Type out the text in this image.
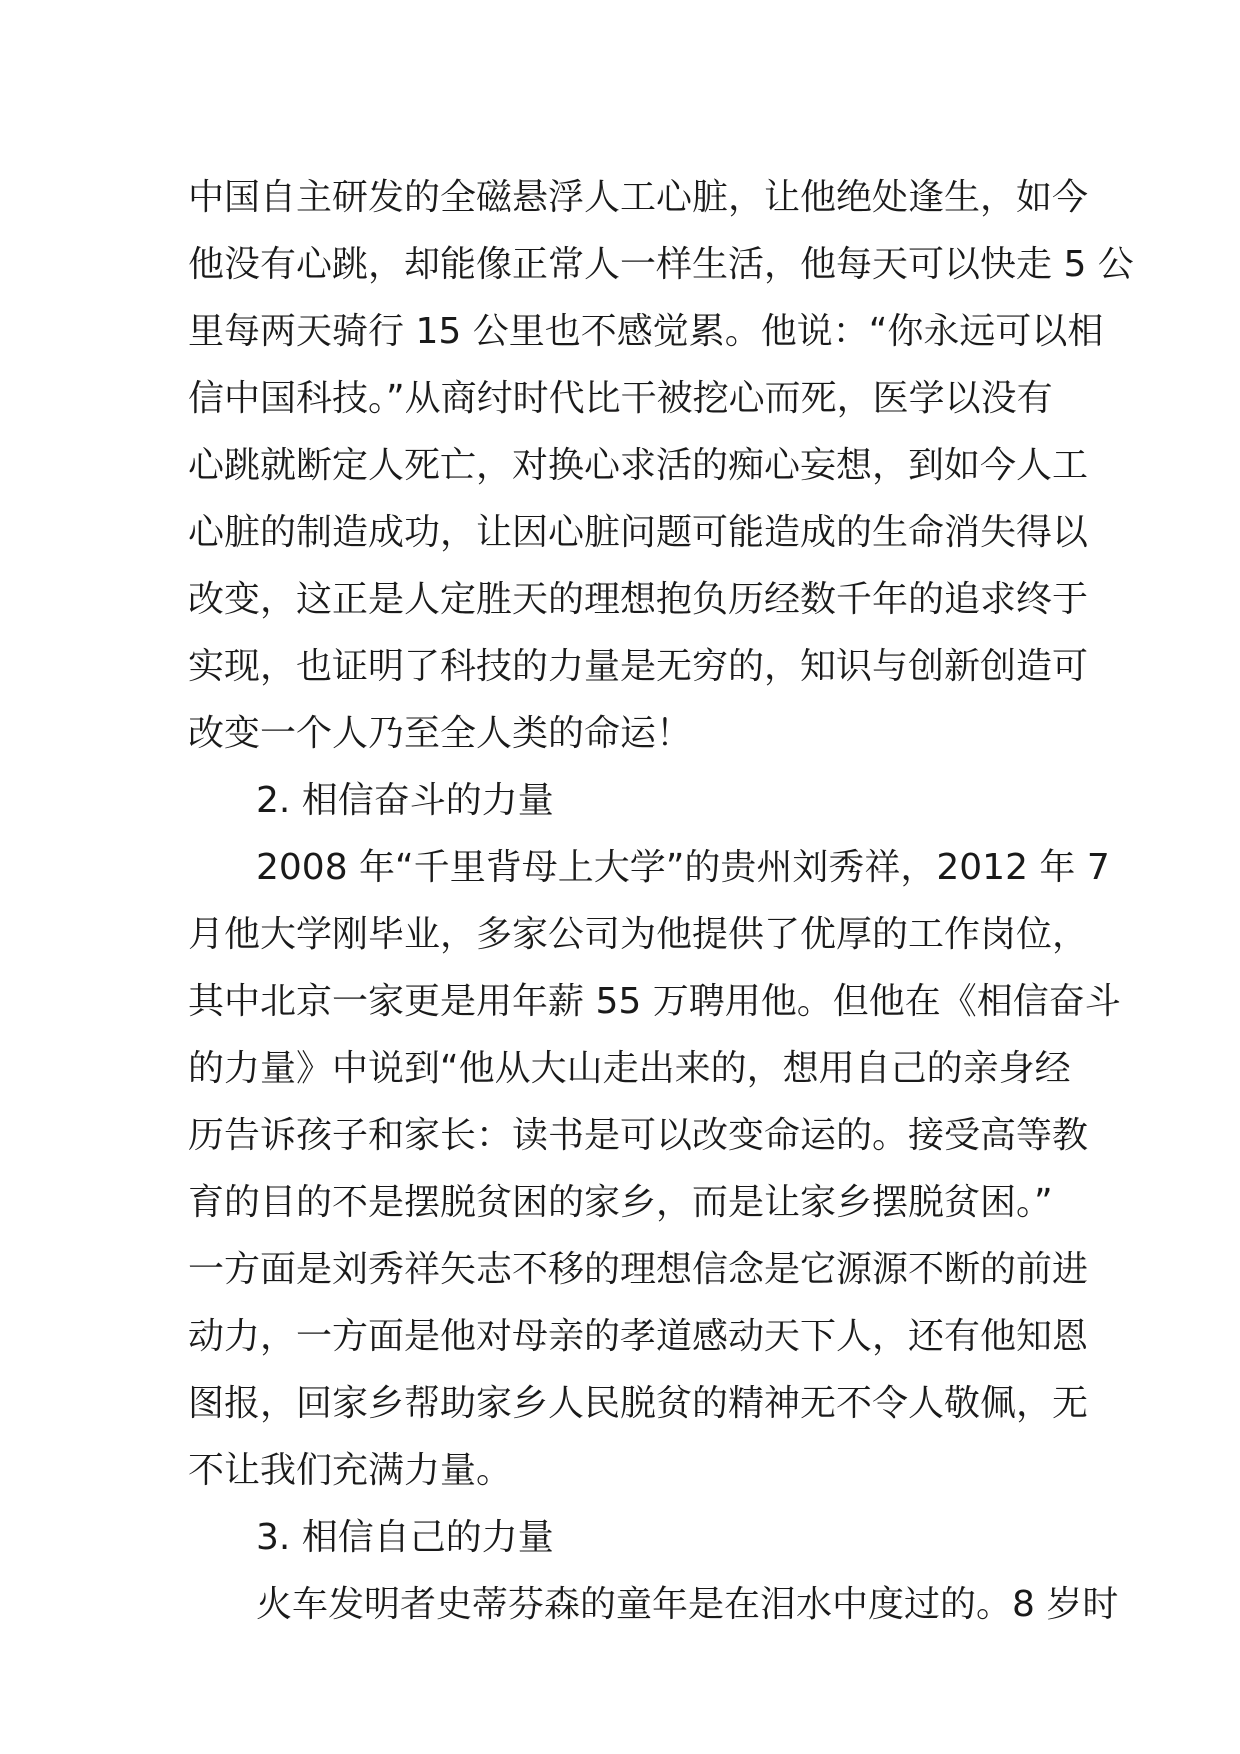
中国自主研发的全磁悬浮人工心脏，让他绝处逢生，如今
他没有心跳，却能像正常人一样生活，他每天可以快走 5 公
里每两天骑行 15 公里也不感觉累。他说：“你永远可以相
信中国科技。”从商纣时代比干被挖心而死，医学以没有
心跳就断定人死亡，对换心求活的痴心妄想，到如今人工
心脏的制造成功，让因心脏问题可能造成的生命消失得以
改变，这正是人定胜天的理想抱负历经数千年的追求终于
实现，也证明了科技的力量是无穷的，知识与创新创造可
改变一个人乃至全人类的命运！
2. 相信奋斗的力量
2008 年“千里背母上大学”的贵州刘秀祥，2012 年 7
月他大学刚毕业，多家公司为他提供了优厚的工作岗位，
其中北京一家更是用年薪 55 万聘用他。但他在《相信奋斗
的力量》中说到“他从大山走出来的，想用自己的亲身经
历告诉孩子和家长：读书是可以改变命运的。接受高等教
育的目的不是摆脱贫困的家乡，而是让家乡摆脱贫困。”
一方面是刘秀祥矢志不移的理想信念是它源源不断的前进
动力，一方面是他对母亲的孝道感动天下人，还有他知恩
图报，回家乡帮助家乡人民脱贫的精神无不令人敬佩，无
不让我们充满力量。
3. 相信自己的力量
火车发明者史蒂芬森的童年是在泪水中度过的。8 岁时
